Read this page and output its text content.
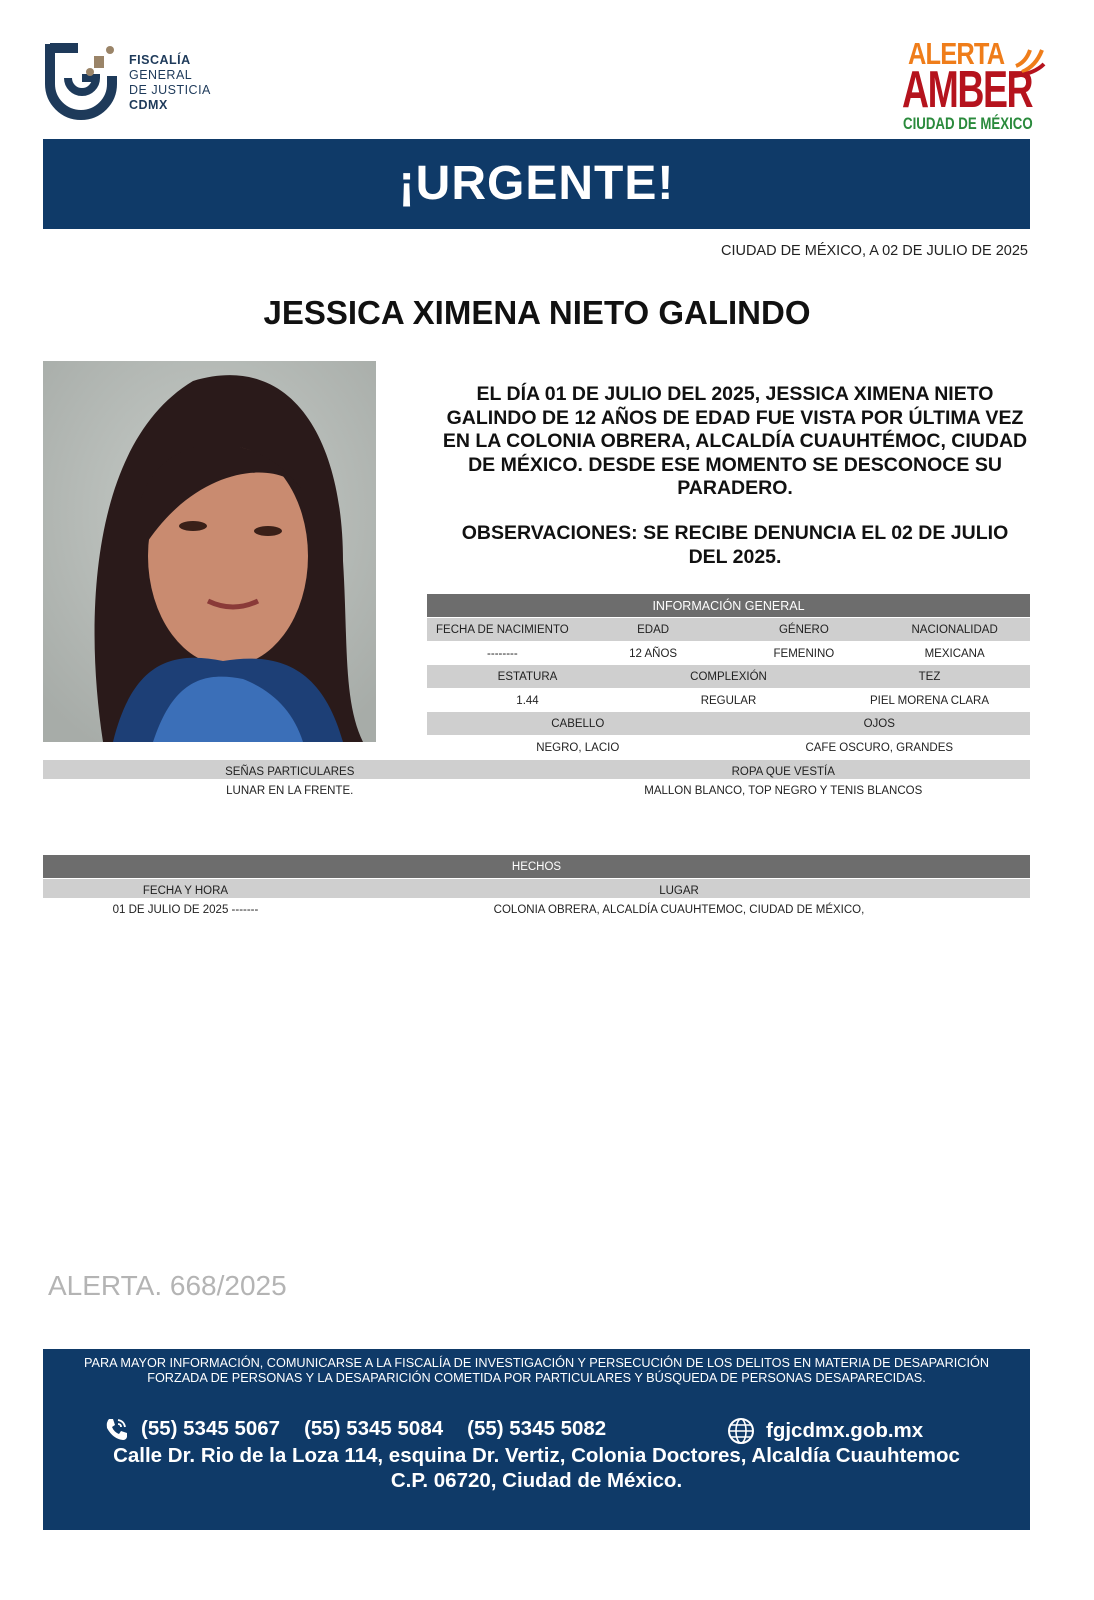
FISCALÍA
GENERAL
DE JUSTICIA
CDMX
ALERTA
AMBER
CIUDAD DE MÉXICO
¡URGENTE!
CIUDAD DE MÉXICO, A 02 DE JULIO DE 2025
JESSICA XIMENA NIETO GALINDO
EL DÍA 01 DE JULIO DEL 2025, JESSICA XIMENA NIETO GALINDO DE 12 AÑOS DE EDAD FUE VISTA POR ÚLTIMA VEZ EN LA COLONIA OBRERA, ALCALDÍA CUAUHTÉMOC, CIUDAD DE MÉXICO. DESDE ESE MOMENTO SE DESCONOCE SU PARADERO.
OBSERVACIONES: SE RECIBE DENUNCIA EL 02 DE JULIO DEL 2025.
INFORMACIÓN GENERAL
FECHA DE NACIMIENTO	EDAD	GÉNERO	NACIONALIDAD
--------	12 AÑOS	FEMENINO	MEXICANA
ESTATURA	COMPLEXIÓN	TEZ
1.44	REGULAR	PIEL MORENA CLARA
CABELLO	OJOS
NEGRO, LACIO	CAFE OSCURO, GRANDES
SEÑAS PARTICULARES	ROPA QUE VESTÍA
LUNAR EN LA FRENTE.	MALLON BLANCO, TOP NEGRO Y TENIS BLANCOS
HECHOS
FECHA Y HORA	LUGAR
01 DE JULIO DE 2025 -------	COLONIA OBRERA, ALCALDÍA CUAUHTEMOC, CIUDAD DE MÉXICO,
ALERTA. 668/2025
PARA MAYOR INFORMACIÓN, COMUNICARSE A LA FISCALÍA DE INVESTIGACIÓN Y PERSECUCIÓN DE LOS DELITOS EN MATERIA DE DESAPARICIÓN
FORZADA DE PERSONAS Y LA DESAPARICIÓN COMETIDA POR PARTICULARES Y BÚSQUEDA DE PERSONAS DESAPARECIDAS.
(55) 5345 5067 (55) 5345 5084 (55) 5345 5082	fgjcdmx.gob.mx
Calle Dr. Rio de la Loza 114, esquina Dr. Vertiz, Colonia Doctores, Alcaldía Cuauhtemoc
C.P. 06720, Ciudad de México.
